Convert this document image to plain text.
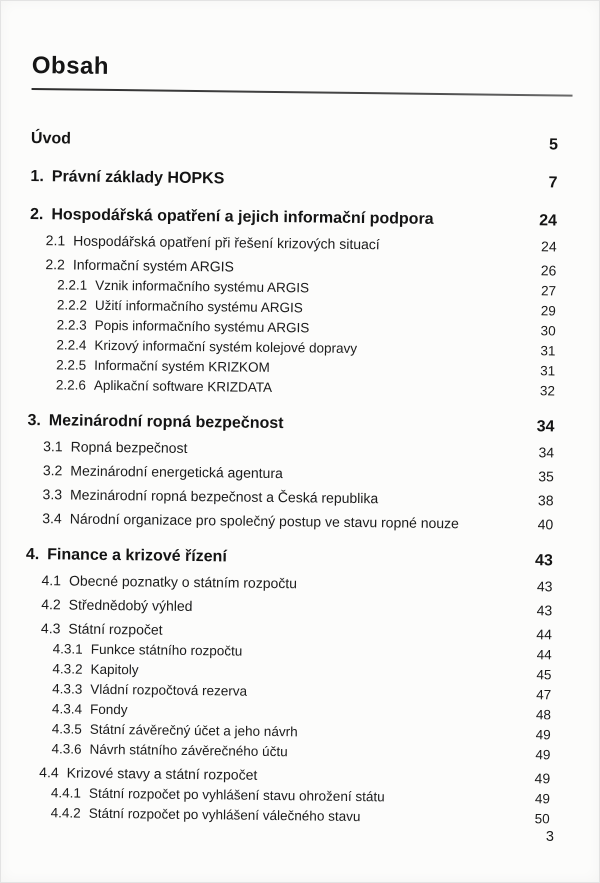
Obsah
Úvod	5
1. Právní základy HOPKS	7
2. Hospodářská opatření a jejich informační podpora	24
2.1 Hospodářská opatření při řešení krizových situací	24
2.2 Informační systém ARGIS	26
2.2.1 Vznik informačního systému ARGIS	27
2.2.2 Užití informačního systému ARGIS	29
2.2.3 Popis informačního systému ARGIS	30
2.2.4 Krizový informační systém kolejové dopravy	31
2.2.5 Informační systém KRIZKOM	31
2.2.6 Aplikační software KRIZDATA	32
3. Mezinárodní ropná bezpečnost	34
3.1 Ropná bezpečnost	34
3.2 Mezinárodní energetická agentura	35
3.3 Mezinárodní ropná bezpečnost a Česká republika	38
3.4 Národní organizace pro společný postup ve stavu ropné nouze	40
4. Finance a krizové řízení	43
4.1 Obecné poznatky o státním rozpočtu	43
4.2 Střednědobý výhled	43
4.3 Státní rozpočet	44
4.3.1 Funkce státního rozpočtu	44
4.3.2 Kapitoly	45
4.3.3 Vládní rozpočtová rezerva	47
4.3.4 Fondy	48
4.3.5 Státní závěrečný účet a jeho návrh	49
4.3.6 Návrh státního závěrečného účtu	49
4.4 Krizové stavy a státní rozpočet	49
4.4.1 Státní rozpočet po vyhlášení stavu ohrožení státu	49
4.4.2 Státní rozpočet po vyhlášení válečného stavu	50
3
